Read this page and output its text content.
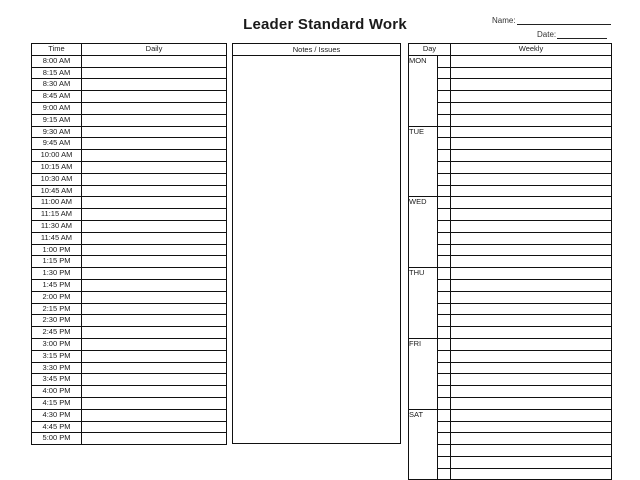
Leader Standard Work	Name:
Date:
Time	Daily
8:00 AM	
8:15 AM	
8:30 AM	
8:45 AM	
9:00 AM	
9:15 AM	
9:30 AM	
9:45 AM	
10:00 AM	
10:15 AM	
10:30 AM	
10:45 AM	
11:00 AM	
11:15 AM	
11:30 AM	
11:45 AM	
1:00 PM	
1:15 PM	
1:30 PM	
1:45 PM	
2:00 PM	
2:15 PM	
2:30 PM	
2:45 PM	
3:00 PM	
3:15 PM	
3:30 PM	
3:45 PM	
4:00 PM	
4:15 PM	
4:30 PM	
4:45 PM	
5:00 PM	
Notes / Issues	Day		Weekly
MON		

TUE		

WED		

THU		

FRI		

SAT		
